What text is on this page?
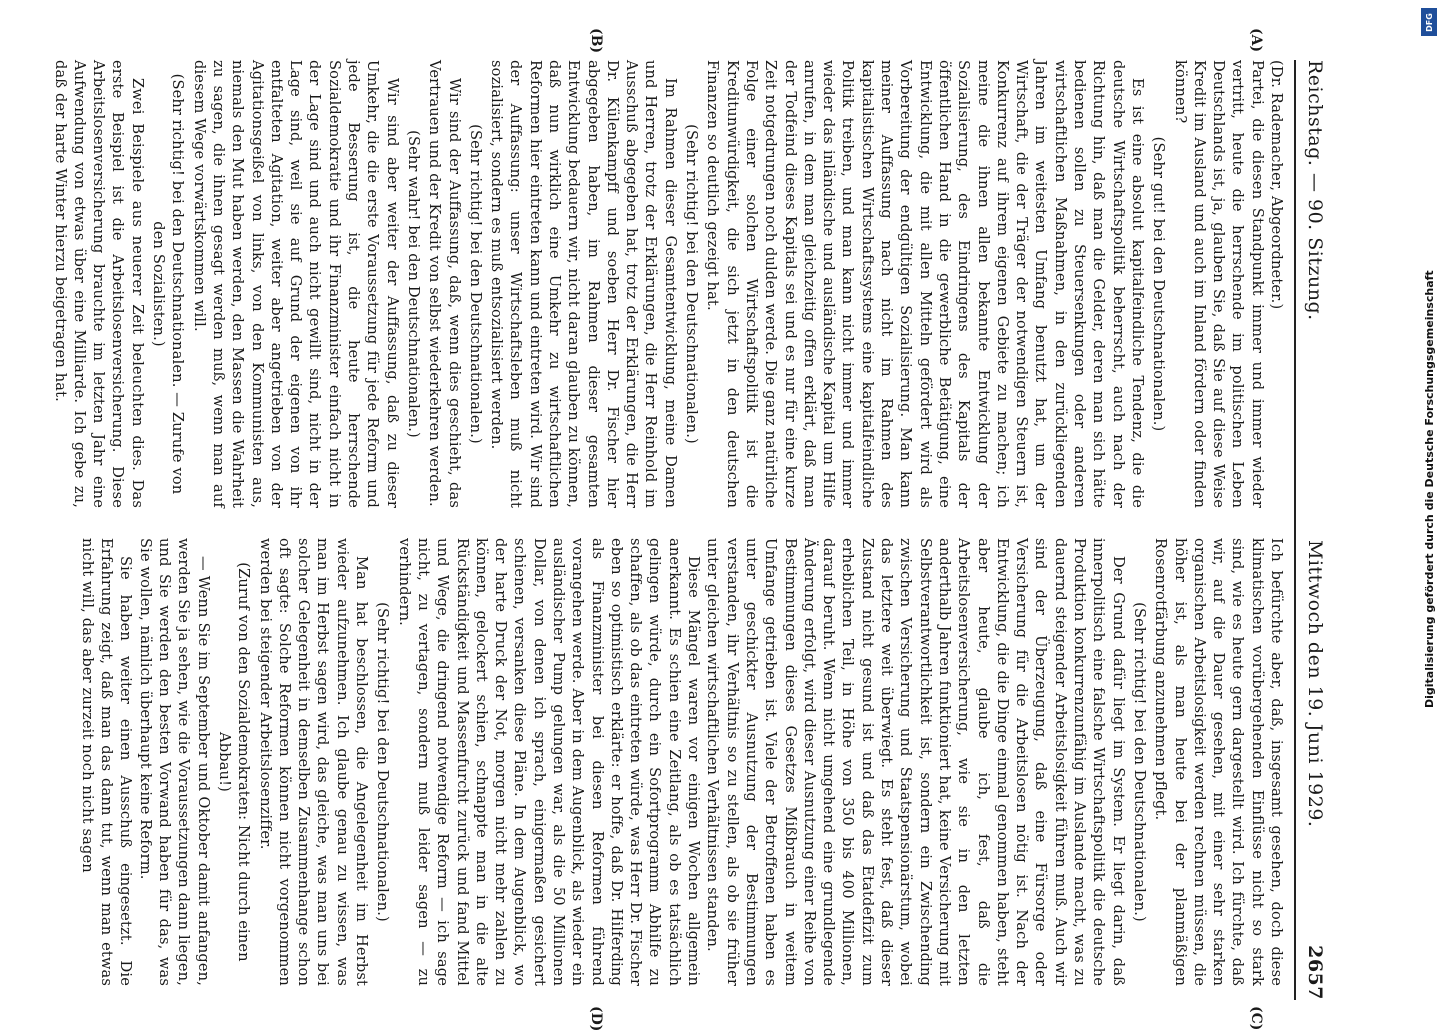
Reichstag. — 90. Sitzung.
Mittwoch den 19. Juni 1929.
2657
(A)
(B)
(C)
(D)

(Dr. Rademacher, Abgeordneter.)

Partei, die diesen Standpunkt immer und immer wieder vertritt, heute die herrschende im politischen Leben Deutschlands ist, ja, glauben Sie, daß Sie auf diese Weise Kredit im Ausland und auch im Inland fördern oder finden können?

(Sehr gut! bei den Deutschnationalen.)

Es ist eine absolut kapitalfeindliche Tendenz, die die deutsche Wirtschaftspolitik beherrscht, auch nach der Richtung hin, daß man die Gelder, deren man sich hätte bedienen sollen zu Steuersenkungen oder anderen wirtschaftlichen Maßnahmen, in den zurückliegenden Jahren im weitesten Umfang benutzt hat, um der Wirtschaft, die der Träger der notwendigen Steuern ist, Konkurrenz auf ihrem eigenen Gebiete zu machen; ich meine die ihnen allen bekannte Entwicklung der Sozialisierung, des Eindringens des Kapitals der öffentlichen Hand in die gewerbliche Betätigung, eine Entwicklung, die mit allen Mitteln gefördert wird als Vorbereitung der endgültigen Sozialisierung. Man kann meiner Auffassung nach nicht im Rahmen des kapitalistischen Wirtschaftssystems eine kapitalfeindliche Politik treiben, und man kann nicht immer und immer wieder das inländische und ausländische Kapital um Hilfe anrufen, in dem man gleichzeitig offen erklärt, daß man der Todfeind dieses Kapitals sei und es nur für eine kurze Zeit notgedrungen noch dulden werde. Die ganz natürliche Folge einer solchen Wirtschaftspolitik ist die Kreditunwürdigkeit, die sich jetzt in den deutschen Finanzen so deutlich gezeigt hat.

(Sehr richtig! bei den Deutschnationalen.)

Im Rahmen dieser Gesamtentwicklung, meine Damen und Herren, trotz der Erklärungen, die Herr Reinhold im Ausschuß abgegeben hat, trotz der Erklärungen, die Herr Dr. Külenkampff und soeben Herr Dr. Fischer hier abgegeben haben, im Rahmen dieser gesamten Entwicklung bedauern wir, nicht daran glauben zu können, daß nun wirklich eine Umkehr zu wirtschaftlichen Reformen hier eintreten kann und eintreten wird. Wir sind der Auffassung: unser Wirtschaftsleben muß nicht sozialisiert, sondern es muß entsozialisiert werden.

(Sehr richtig! bei den Deutschnationalen.)

Wir sind der Auffassung, daß, wenn dies geschieht, das Vertrauen und der Kredit von selbst wiederkehren werden.

(Sehr wahr! bei den Deutschnationalen.)

Wir sind aber weiter der Auffassung, daß zu dieser Umkehr, die die erste Voraussetzung für jede Reform und jede Besserung ist, die heute herrschende Sozialdemokratie und ihr Finanzminister einfach nicht in der Lage sind und auch nicht gewillt sind, nicht in der Lage sind, weil sie auf Grund der eigenen von ihr entfalteten Agitation, weiter aber angetrieben von der Agitationsgeißel von links, von den Kommunisten aus, niemals den Mut haben werden, den Massen die Wahrheit zu sagen, die ihnen gesagt werden muß, wenn man auf diesem Wege vorwärtskommen will.

(Sehr richtig! bei den Deutschnationalen. — Zurufe von den Sozialisten.)

Zwei Beispiele aus neuerer Zeit beleuchten dies. Das erste Beispiel ist die Arbeitslosenversicherung. Diese Arbeitslosenversicherung brauchte im letzten Jahr eine Aufwendung von etwas über eine Milliarde. Ich gebe zu, daß der harte Winter hierzu beigetragen hat.

Ich befürchte aber, daß, insgesamt gesehen, doch diese klimatischen vorübergehenden Einflüsse nicht so stark sind, wie es heute gern dargestellt wird. Ich fürchte, daß wir, auf die Dauer gesehen, mit einer sehr starken organischen Arbeitslosigkeit werden rechnen müssen, die höher ist, als man heute bei der planmäßigen Rosenrotfärbung anzunehmen pflegt.

(Sehr richtig! bei den Deutschnationalen.)

Der Grund dafür liegt im System. Er liegt darin, daß innerpolitisch eine falsche Wirtschaftspolitik die deutsche Produktion konkurrenzunfähig im Auslande macht, was zu dauernd steigender Arbeitslosigkeit führen muß. Auch wir sind der Überzeugung, daß eine Fürsorge oder Versicherung für die Arbeitslosen nötig ist. Nach der Entwicklung, die die Dinge einmal genommen haben, steht aber heute, glaube ich, fest, daß die Arbeitslosenversicherung, wie sie in den letzten anderthalb Jahren funktioniert hat, keine Versicherung mit Selbstverantwortlichkeit ist, sondern ein Zwischending zwischen Versicherung und Staatspensionärstum, wobei das letztere weit überwiegt. Es steht fest, daß dieser Zustand nicht gesund ist und daß das Etatdefizit zum erheblichen Teil, in Höhe von 350 bis 400 Millionen, darauf beruht. Wenn nicht umgehend eine grundlegende Änderung erfolgt, wird dieser Ausnutzung einer Reihe von Bestimmungen dieses Gesetzes Mißbrauch in weitem Umfange getrieben ist. Viele der Betroffenen haben es unter geschickter Ausnutzung der Bestimmungen verstanden, ihr Verhältnis so zu stellen, als ob sie früher unter gleichen wirtschaftlichen Verhältnissen standen.

Diese Mängel waren vor einigen Wochen allgemein anerkannt. Es schien eine Zeitlang, als ob es tatsächlich gelingen würde, durch ein Sofortprogramm Abhilfe zu schaffen, als ob das eintreten würde, was Herr Dr. Fischer eben so optimistisch erklärte: er hoffe, daß Dr. Hilferding als Finanzminister bei diesen Reformen führend vorangehen werde. Aber in dem Augenblick, als wieder ein ausländischer Pump gelungen war, als die 50 Millionen Dollar, von denen ich sprach, einigermaßen gesichert schienen, versanken diese Pläne. In dem Augenblick, wo der harte Druck der Not, morgen nicht mehr zahlen zu können, gelockert schien, schnappte man in die alte Rückständigkeit und Massenfurcht zurück und fand Mittel und Wege, die dringend notwendige Reform — ich sage nicht, zu vertagen, sondern muß leider sagen — zu verhindern.

(Sehr richtig! bei den Deutschnationalen.)

Man hat beschlossen, die Angelegenheit im Herbst wieder aufzunehmen. Ich glaube genau zu wissen, was man im Herbst sagen wird, das gleiche, was man uns bei solcher Gelegenheit in demselben Zusammenhange schon oft sagte: Solche Reformen können nicht vorgenommen werden bei steigender Arbeitslosenziffer.

(Zuruf von den Sozialdemokraten: Nicht durch einen Abbau!)

— Wenn Sie im September und Oktober damit anfangen, werden Sie ja sehen, wie die Voraussetzungen dann liegen, und Sie werden den besten Vorwand haben für das, was Sie wollen, nämlich überhaupt keine Reform.

Sie haben weiter einen Ausschuß eingesetzt. Die Erfahrung zeigt, daß man das dann tut, wenn man etwas nicht will, das aber zurzeit noch nicht sagen

DFG
Digitalisierung gefördert durch die Deutsche Forschungsgemeinschaft
